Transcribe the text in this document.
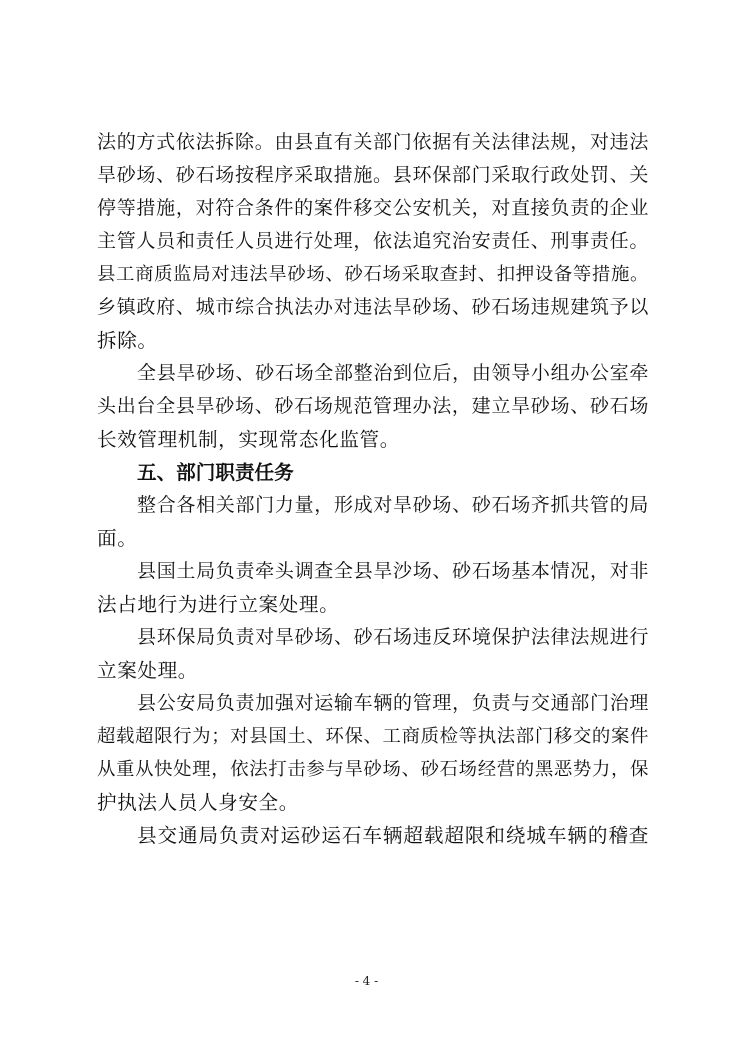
法的方式依法拆除。由县直有关部门依据有关法律法规，对违法
旱砂场、砂石场按程序采取措施。县环保部门采取行政处罚、关
停等措施，对符合条件的案件移交公安机关，对直接负责的企业
主管人员和责任人员进行处理，依法追究治安责任、刑事责任。
县工商质监局对违法旱砂场、砂石场采取查封、扣押设备等措施。
乡镇政府、城市综合执法办对违法旱砂场、砂石场违规建筑予以
拆除。
全县旱砂场、砂石场全部整治到位后，由领导小组办公室牵
头出台全县旱砂场、砂石场规范管理办法，建立旱砂场、砂石场
长效管理机制，实现常态化监管。
五、部门职责任务
整合各相关部门力量，形成对旱砂场、砂石场齐抓共管的局
面。
县国土局负责牵头调查全县旱沙场、砂石场基本情况，对非
法占地行为进行立案处理。
县环保局负责对旱砂场、砂石场违反环境保护法律法规进行
立案处理。
县公安局负责加强对运输车辆的管理，负责与交通部门治理
超载超限行为；对县国土、环保、工商质检等执法部门移交的案件
从重从快处理，依法打击参与旱砂场、砂石场经营的黑恶势力，保
护执法人员人身安全。
县交通局负责对运砂运石车辆超载超限和绕城车辆的稽查
- 4 -
